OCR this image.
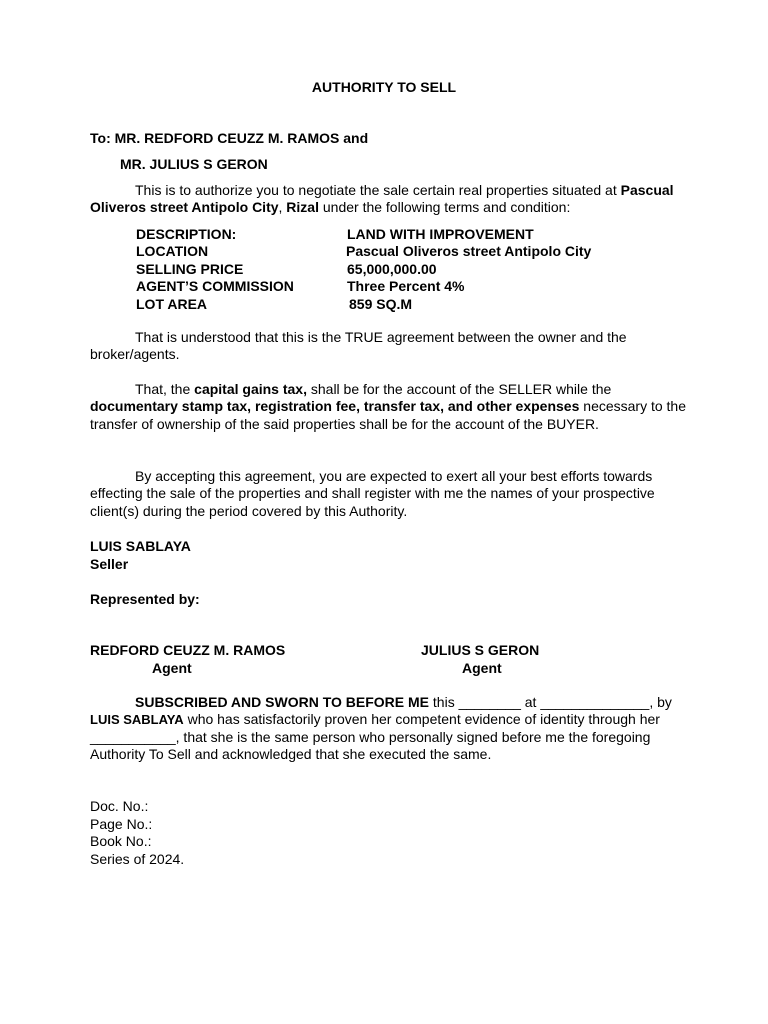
AUTHORITY TO SELL
To: MR. REDFORD CEUZZ M. RAMOS and
MR. JULIUS S GERON
This is to authorize you to negotiate the sale certain real properties situated at Pascual Oliveros street Antipolo City, Rizal under the following terms and condition:
DESCRIPTION:	LAND WITH IMPROVEMENT
LOCATION	Pascual Oliveros street Antipolo City
SELLING PRICE	65,000,000.00
AGENT’S COMMISSION	Three Percent 4%
LOT AREA	859 SQ.M
That is understood that this is the TRUE agreement between the owner and the broker/agents.
That, the capital gains tax, shall be for the account of the SELLER while the documentary stamp tax, registration fee, transfer tax, and other expenses necessary to the transfer of ownership of the said properties shall be for the account of the BUYER.
By accepting this agreement, you are expected to exert all your best efforts towards effecting the sale of the properties and shall register with me the names of your prospective client(s) during the period covered by this Authority.
LUIS SABLAYA
Seller
Represented by:
REDFORD CEUZZ M. RAMOS
Agent
JULIUS S GERON
Agent
SUBSCRIBED AND SWORN TO BEFORE ME this ________ at ______________, by LUIS SABLAYA who has satisfactorily proven her competent evidence of identity through her ___________, that she is the same person who personally signed before me the foregoing Authority To Sell and acknowledged that she executed the same.
Doc. No.:
Page No.:
Book No.:
Series of 2024.
